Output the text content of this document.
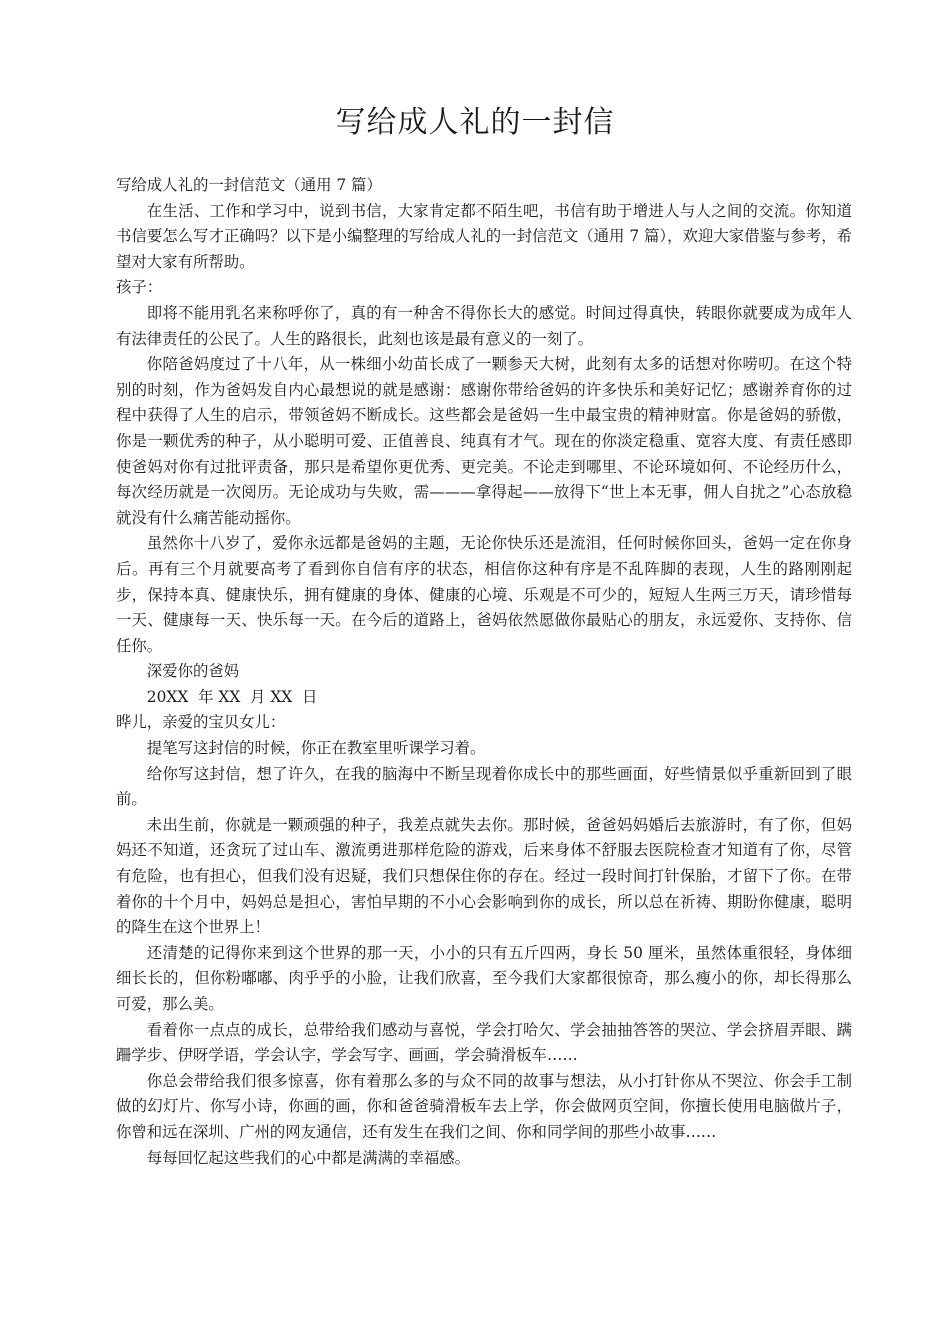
写给成人礼的一封信

写给成人礼的一封信范文（通用 7 篇）

在生活、工作和学习中，说到书信，大家肯定都不陌生吧，书信有助于增进人与人之间的交流。你知道书信要怎么写才正确吗？以下是小编整理的写给成人礼的一封信范文（通用 7 篇），欢迎大家借鉴与参考，希望对大家有所帮助。

孩子：

即将不能用乳名来称呼你了，真的有一种舍不得你长大的感觉。时间过得真快，转眼你就要成为成年人有法律责任的公民了。人生的路很长，此刻也该是最有意义的一刻了。

你陪爸妈度过了十八年，从一株细小幼苗长成了一颗参天大树，此刻有太多的话想对你唠叨。在这个特别的时刻，作为爸妈发自内心最想说的就是感谢：感谢你带给爸妈的许多快乐和美好记忆；感谢养育你的过程中获得了人生的启示，带领爸妈不断成长。这些都会是爸妈一生中最宝贵的精神财富。你是爸妈的骄傲，你是一颗优秀的种子，从小聪明可爱、正值善良、纯真有才气。现在的你淡定稳重、宽容大度、有责任感即使爸妈对你有过批评责备，那只是希望你更优秀、更完美。不论走到哪里、不论环境如何、不论经历什么，每次经历就是一次阅历。无论成功与失败，需———拿得起——放得下“世上本无事，佣人自扰之”心态放稳就没有什么痛苦能动摇你。

虽然你十八岁了，爱你永远都是爸妈的主题，无论你快乐还是流泪，任何时候你回头，爸妈一定在你身后。再有三个月就要高考了看到你自信有序的状态，相信你这种有序是不乱阵脚的表现，人生的路刚刚起步，保持本真、健康快乐，拥有健康的身体、健康的心境、乐观是不可少的，短短人生两三万天，请珍惜每一天、健康每一天、快乐每一天。在今后的道路上，爸妈依然愿做你最贴心的朋友，永远爱你、支持你、信任你。

深爱你的爸妈

20XX  年 XX  月 XX  日

晔儿，亲爱的宝贝女儿：

提笔写这封信的时候，你正在教室里听课学习着。

给你写这封信，想了许久，在我的脑海中不断呈现着你成长中的那些画面，好些情景似乎重新回到了眼前。

未出生前，你就是一颗顽强的种子，我差点就失去你。那时候，爸爸妈妈婚后去旅游时，有了你，但妈妈还不知道，还贪玩了过山车、激流勇进那样危险的游戏，后来身体不舒服去医院检查才知道有了你，尽管有危险，也有担心，但我们没有迟疑，我们只想保住你的存在。经过一段时间打针保胎，才留下了你。在带着你的十个月中，妈妈总是担心，害怕早期的不小心会影响到你的成长，所以总在祈祷、期盼你健康，聪明的降生在这个世界上！

还清楚的记得你来到这个世界的那一天，小小的只有五斤四两，身长 50 厘米，虽然体重很轻，身体细细长长的，但你粉嘟嘟、肉乎乎的小脸，让我们欣喜，至今我们大家都很惊奇，那么瘦小的你，却长得那么可爱，那么美。

看着你一点点的成长，总带给我们感动与喜悦，学会打哈欠、学会抽抽答答的哭泣、学会挤眉弄眼、蹒跚学步、伊呀学语，学会认字，学会写字、画画，学会骑滑板车……

你总会带给我们很多惊喜，你有着那么多的与众不同的故事与想法，从小打针你从不哭泣、你会手工制做的幻灯片、你写小诗，你画的画，你和爸爸骑滑板车去上学，你会做网页空间，你擅长使用电脑做片子，你曾和远在深圳、广州的网友通信，还有发生在我们之间、你和同学间的那些小故事……

每每回忆起这些我们的心中都是满满的幸福感。
